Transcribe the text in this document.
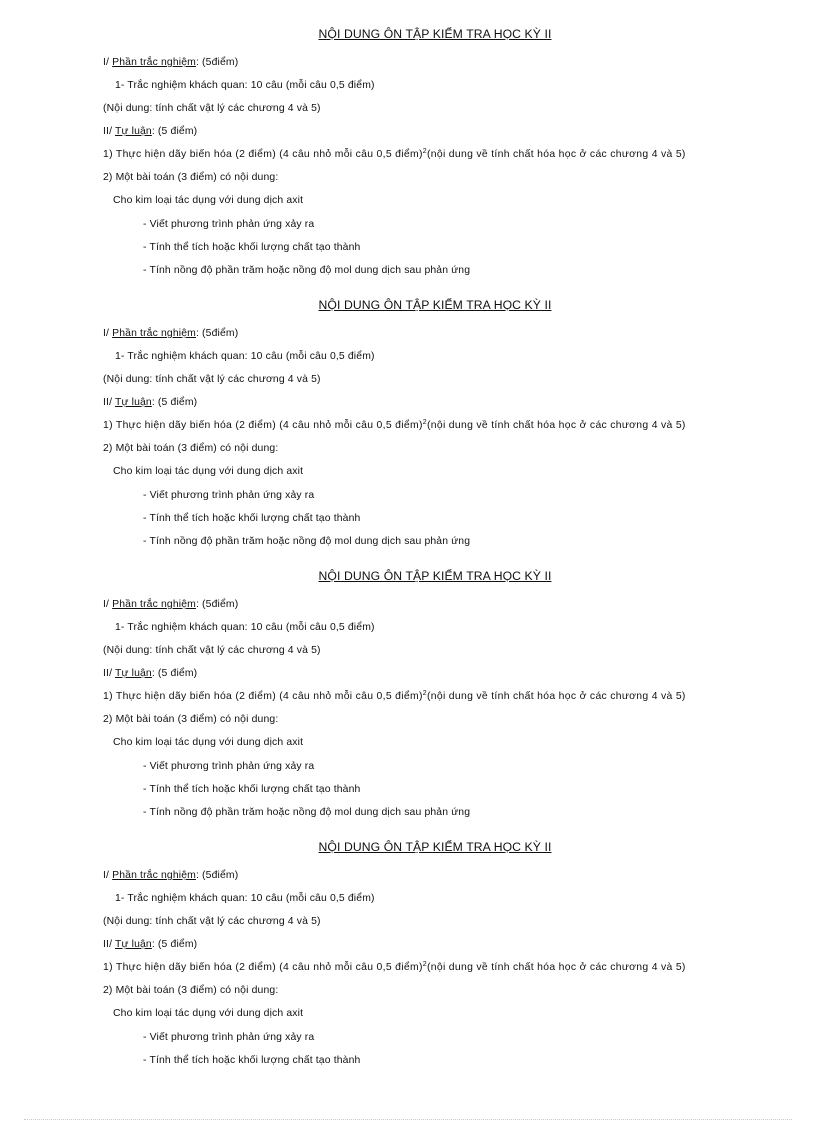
NỘI DUNG ÔN TẬP KIỂM TRA HỌC KỲ II
I/ Phần trắc nghiệm: (5điểm)
1- Trắc nghiệm khách quan: 10 câu (mỗi câu 0,5 điểm)
(Nội dung: tính chất vật lý các chương 4 và 5)
II/ Tự luận: (5 điểm)
1) Thực hiện dãy biến hóa (2 điểm) (4 câu nhỏ mỗi câu 0,5 điểm)$^2$(nội dung về tính chất hóa học ở các chương 4 và 5)
2) Một bài toán (3 điểm) có nội dung:
Cho kim loại tác dụng với dung dịch axit
- Viết phương trình phản ứng xảy ra
- Tính thể tích hoặc khối lượng chất tạo thành
- Tính nồng độ phần trăm hoặc nồng độ mol dung dịch sau phản ứng
NỘI DUNG ÔN TẬP KIỂM TRA HỌC KỲ II
I/ Phần trắc nghiệm: (5điểm)
1- Trắc nghiệm khách quan: 10 câu (mỗi câu 0,5 điểm)
(Nội dung: tính chất vật lý các chương 4 và 5)
II/ Tự luận: (5 điểm)
1) Thực hiện dãy biến hóa (2 điểm) (4 câu nhỏ mỗi câu 0,5 điểm)$^2$(nội dung về tính chất hóa học ở các chương 4 và 5)
2) Một bài toán (3 điểm) có nội dung:
Cho kim loại tác dụng với dung dịch axit
- Viết phương trình phản ứng xảy ra
- Tính thể tích hoặc khối lượng chất tạo thành
- Tính nồng độ phần trăm hoặc nồng độ mol dung dịch sau phản ứng
NỘI DUNG ÔN TẬP KIỂM TRA HỌC KỲ II
I/ Phần trắc nghiệm: (5điểm)
1- Trắc nghiệm khách quan: 10 câu (mỗi câu 0,5 điểm)
(Nội dung: tính chất vật lý các chương 4 và 5)
II/ Tự luận: (5 điểm)
1) Thực hiện dãy biến hóa (2 điểm) (4 câu nhỏ mỗi câu 0,5 điểm)$^2$(nội dung về tính chất hóa học ở các chương 4 và 5)
2) Một bài toán (3 điểm) có nội dung:
Cho kim loại tác dụng với dung dịch axit
- Viết phương trình phản ứng xảy ra
- Tính thể tích hoặc khối lượng chất tạo thành
- Tính nồng độ phần trăm hoặc nồng độ mol dung dịch sau phản ứng
NỘI DUNG ÔN TẬP KIỂM TRA HỌC KỲ II
I/ Phần trắc nghiệm: (5điểm)
1- Trắc nghiệm khách quan: 10 câu (mỗi câu 0,5 điểm)
(Nội dung: tính chất vật lý các chương 4 và 5)
II/ Tự luận: (5 điểm)
1) Thực hiện dãy biến hóa (2 điểm) (4 câu nhỏ mỗi câu 0,5 điểm)$^2$(nội dung về tính chất hóa học ở các chương 4 và 5)
2) Một bài toán (3 điểm) có nội dung:
Cho kim loại tác dụng với dung dịch axit
- Viết phương trình phản ứng xảy ra
- Tính thể tích hoặc khối lượng chất tạo thành
